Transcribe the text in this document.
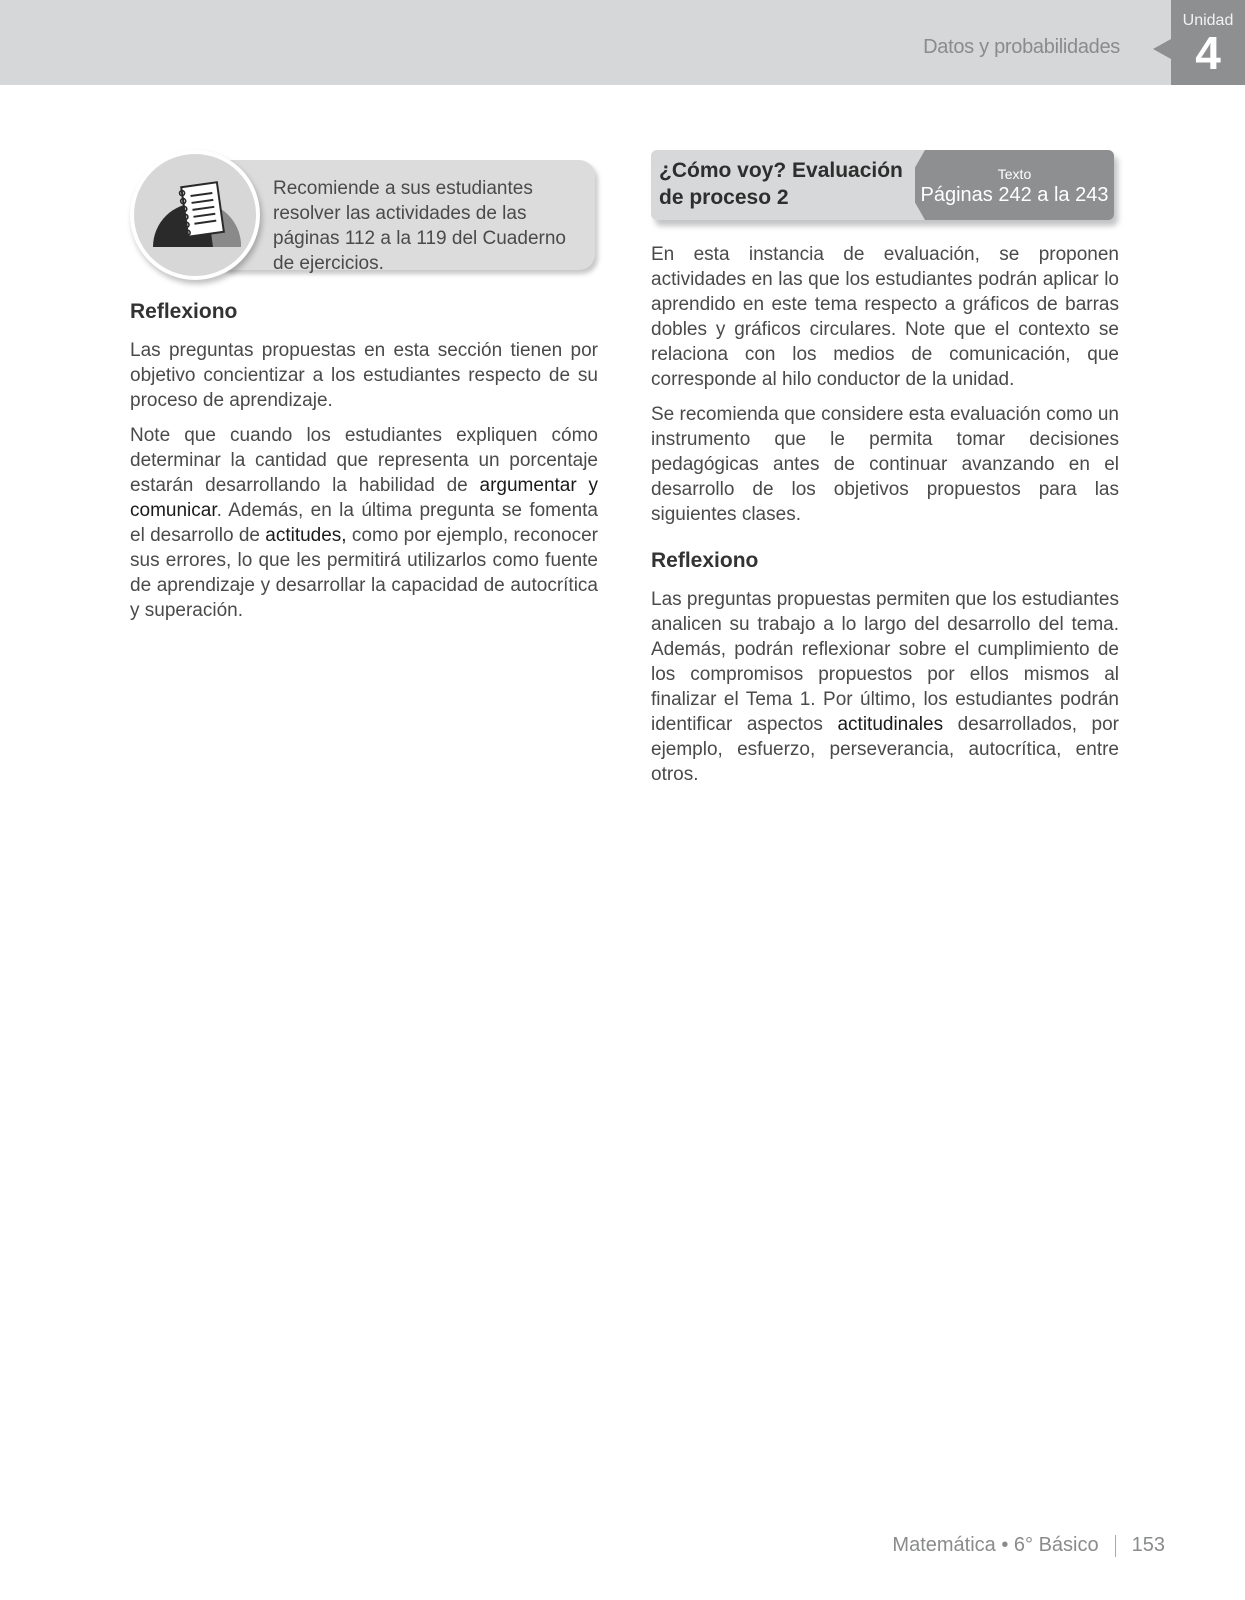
Datos y probabilidades
Unidad
4
Recomiende a sus estudiantes resolver las actividades de las páginas 112 a la 119 del Cuaderno de ejercicios.
Reflexiono

Las preguntas propuestas en esta sección tienen por objetivo concientizar a los estudiantes respecto de su proceso de aprendizaje.

Note que cuando los estudiantes expliquen cómo determinar la cantidad que representa un porcentaje estarán desarrollando la habilidad de argumentar y comunicar. Además, en la última pregunta se fomenta el desarrollo de actitudes, como por ejemplo, reconocer sus errores, lo que les permitirá utilizarlos como fuente de aprendizaje y desarrollar la capacidad de autocrítica y superación.

¿Cómo voy? Evaluación de proceso 2
Texto
Páginas 242 a la 243

En esta instancia de evaluación, se proponen actividades en las que los estudiantes podrán aplicar lo aprendido en este tema respecto a gráficos de barras dobles y gráficos circulares. Note que el contexto se relaciona con los medios de comunicación, que corresponde al hilo conductor de la unidad.

Se recomienda que considere esta evaluación como un instrumento que le permita tomar decisiones pedagógicas antes de continuar avanzando en el desarrollo de los objetivos propuestos para las siguientes clases.

Reflexiono

Las preguntas propuestas permiten que los estudiantes analicen su trabajo a lo largo del desarrollo del tema. Además, podrán reflexionar sobre el cumplimiento de los compromisos propuestos por ellos mismos al finalizar el Tema 1. Por último, los estudiantes podrán identificar aspectos actitudinales desarrollados, por ejemplo, esfuerzo, perseverancia, autocrítica, entre otros.

Matemática • 6° Básico 153
